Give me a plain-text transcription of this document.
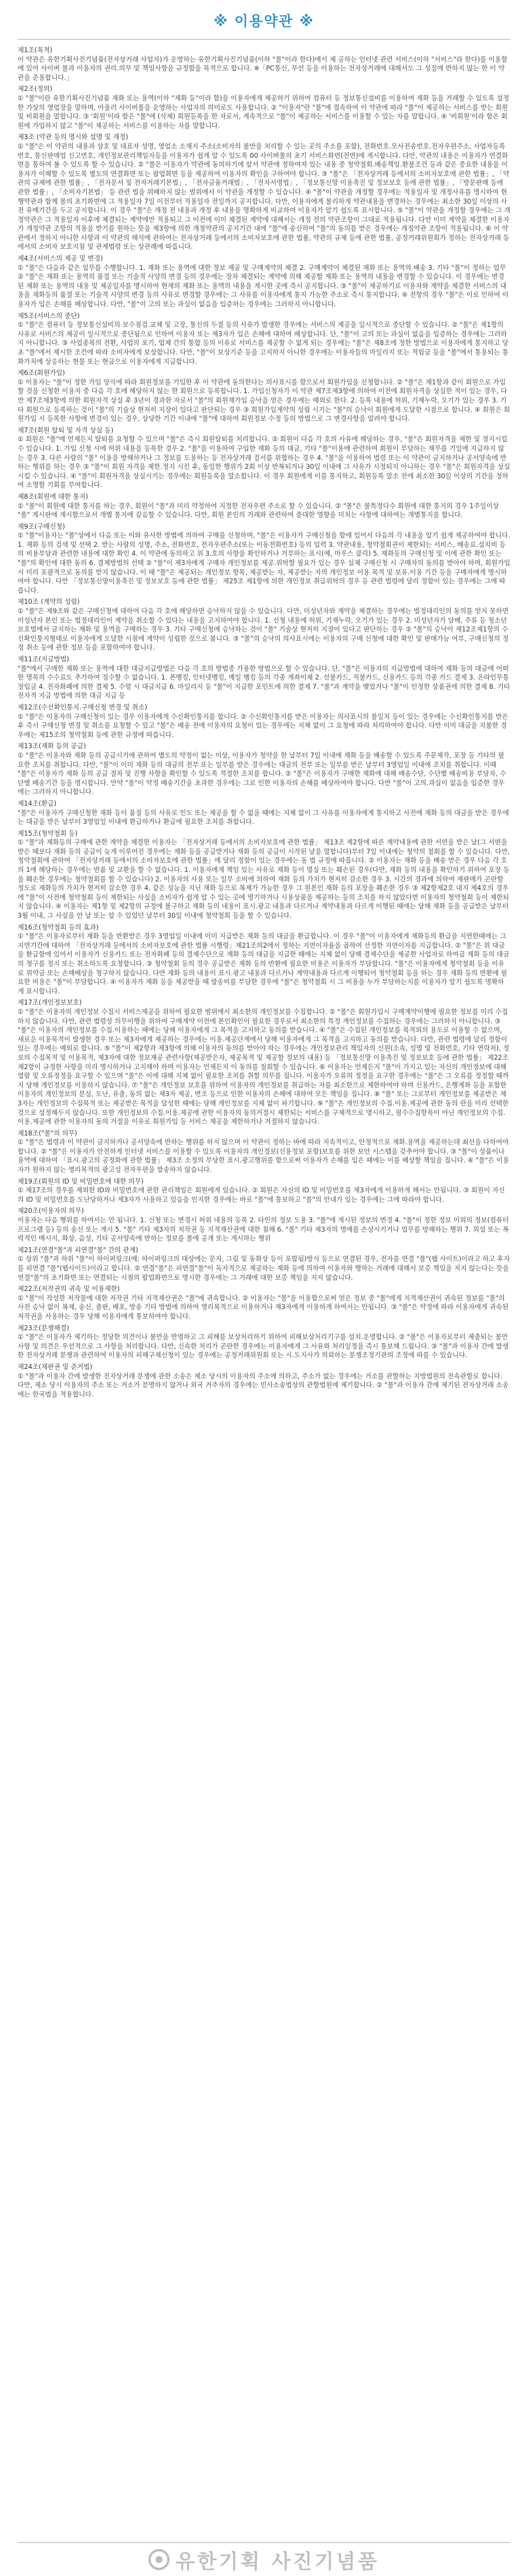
※ 이용약관 ※
제1조(목적)
이 약관은 유한기획사진기념품(전자상거래 사업자)가 운영하는 유한기획사진기념품(이하 "몰"이라 한다)에서 제 공하는 인터넷 관련 서비스(이하 "서비스"라 한다)를 이용함에 있어 사이버 몰과 이용자의 권리.의무 및 책임사항을 규정함을 목적으로 합니다. ※「PC통신, 무선 등을 이용하는 전자상거래에 대해서도 그 성질에 반하지 않는 한 이 약관을 준용합니다.」
제2조(정의)
① "몰"이란 유한기획사진기념품 재화 또는 용역(이하 "재화 등"이라 함)을 이용자에게 제공하기 위하여 컴퓨터 등 정보통신설비를 이용하여 재화 등을 거래할 수 있도록 설정한 가상의 영업장을 말하며, 아울러 사이버몰을 운영하는 사업자의 의미로도 사용합니다. ② "이용자"란 "몰"에 접속하여 이 약관에 따라 "몰"이 제공하는 서비스를 받는 회원 및 비회원을 말합니다. ③ '회원'이라 함은 "몰"에 (삭제) 회원등록을 한 자로서, 계속적으로 "몰"이 제공하는 서비스를 이용할 수 있는 자를 말합니다. ④ '비회원'이라 함은 회원에 가입하지 않고 "몰"이 제공하는 서비스를 이용하는 자를 말합니다.
제3조 (약관 등의 명시와 설명 및 개정)
① "몰"은 이 약관의 내용과 상호 및 대표자 성명, 영업소 소재지 주소(소비자의 불만을 처리할 수 있는 곳의 주소를 포함), 전화번호.모사전송번호.전자우편주소, 사업자등록번호, 통신판매업 신고번호, 개인정보관리책임자등을 이용자가 쉽게 알 수 있도록 00 사이버몰의 초기 서비스화면(전면)에 게시합니다. 다만, 약관의 내용은 이용자가 연결화면을 통하여 볼 수 있도록 할 수 있습니다. ② "몰은 이용자가 약관에 동의하기에 앞서 약관에 정하여져 있는 내용 중 청약철회.배송책임.환불조건 등과 같은 중요한 내용을 이용자가 이해할 수 있도록 별도의 연결화면 또는 팝업화면 등을 제공하여 이용자의 확인을 구하여야 합니다. ③ "몰"은 「전자상거래 등에서의 소비자보호에 관한 법률」, 「약관의 규제에 관한 법률」, 「전자문서 및 전자거래기본법」, 「전자금융거래법」, 「전자서명법」, 「정보통신망 이용촉진 및 정보보호 등에 관한 법률」, 「방문판매 등에 관한 법률」, 「소비자기본법」 등 관련 법을 위배하지 않는 범위에서 이 약관을 개정할 수 있습니다. ④ "몰"이 약관을 개정할 경우에는 적용일자 및 개정사유를 명시하여 현행약관과 함께 몰의 초기화면에 그 적용일자 7일 이전부터 적용일자 전일까지 공지합니다. 다만, 이용자에게 불리하게 약관내용을 변경하는 경우에는 최소한 30일 이상의 사전 유예기간을 두고 공지합니다. 이 경우 "몰"은 개정 전 내용과 개정 후 내용을 명확하게 비교하여 이용자가 알기 쉽도록 표시합니다. ⑤ "몰"이 약관을 개정할 경우에는 그 개정약관은 그 적용일자 이후에 체결되는 계약에만 적용되고 그 이전에 이미 체결된 계약에 대해서는 개정 전의 약관조항이 그대로 적용됩니다. 다만 이미 계약을 체결한 이용자가 개정약관 조항의 적용을 받기를 원하는 뜻을 제3항에 의한 개정약관의 공지기간 내에 "몰"에 송신하여 "몰"의 동의를 받은 경우에는 개정약관 조항이 적용됩니다. ⑥ 이 약관에서 정하지 아니한 사항과 이 약관의 해석에 관하여는 전자상거래 등에서의 소비자보호에 관한 법률, 약관의 규제 등에 관한 법률, 공정거래위원회가 정하는 전자상거래 등에서의 소비자 보호지침 및 관계법령 또는 상관례에 따릅니다.
제4조(서비스의 제공 및 변경)
① "몰"은 다음과 같은 업무를 수행합니다. 1. 재화 또는 용역에 대한 정보 제공 및 구매계약의 체결 2. 구매계약이 체결된 재화 또는 용역의 배송 3. 기타 "몰"이 정하는 업무 ② "몰"은 재화 또는 용역의 품절 또는 기술적 사양의 변경 등의 경우에는 장차 체결되는 계약에 의해 제공할 재화 또는 용역의 내용을 변경할 수 있습니다. 이 경우에는 변경된 재화 또는 용역의 내용 및 제공일자를 명시하여 현재의 재화 또는 용역의 내용을 게시한 곳에 즉시 공지합니다. ③ "몰"이 제공하기로 이용자와 계약을 체결한 서비스의 내용을 재화등의 품절 또는 기술적 사양의 변경 등의 사유로 변경할 경우에는 그 사유를 이용자에게 통지 가능한 주소로 즉시 통지합니다. ④ 전항의 경우 "몰"은 이로 인하여 이용자가 입은 손해를 배상합니다. 다만, "몰"이 고의 또는 과실이 없음을 입증하는 경우에는 그러하지 아니합니다.
제5조(서비스의 중단)
① "몰"은 컴퓨터 등 정보통신설비의 보수점검.교체 및 고장, 통신의 두절 등의 사유가 발생한 경우에는 서비스의 제공을 일시적으로 중단할 수 있습니다. ② "몰"은 제1항의 사유로 서비스의 제공이 일시적으로 중단됨으로 인하여 이용자 또는 제3자가 입은 손해에 대하여 배상합니다. 단, "몰"이 고의 또는 과실이 없음을 입증하는 경우에는 그러하지 아니합니다. ③ 사업종목의 전환, 사업의 포기, 업체 간의 통합 등의 이유로 서비스를 제공할 수 없게 되는 경우에는 "몰"은 제8조에 정한 방법으로 이용자에게 통지하고 당초 "몰"에서 제시한 조건에 따라 소비자에게 보상합니다. 다만, "몰"이 보상기준 등을 고지하지 아니한 경우에는 이용자들의 마일리지 또는 적립금 등을 "몰"에서 통용되는 통화가치에 상응하는 현물 또는 현금으로 이용자에게 지급합니다.
제6조(회원가입)
① 이용자는 "몰"이 정한 가입 양식에 따라 회원정보를 기입한 후 이 약관에 동의한다는 의사표시를 함으로서 회원가입을 신청합니다. ② "몰"은 제1항과 같이 회원으로 가입할 것을 신청한 이용자 중 다음 각 호에 해당하지 않는 한 회원으로 등록합니다. 1. 가입신청자가 이 약관 제7조제3항에 의하여 이전에 회원자격을 상실한 적이 있는 경우, 다만 제7조제3항에 의한 회원자격 상실 후 3년이 경과한 자로서 "몰"의 회원재가입 승낙을 얻은 경우에는 예외로 한다. 2. 등록 내용에 허위, 기재누락, 오기가 있는 경우 3. 기타 회원으로 등록하는 것이 "몰"의 기술상 현저히 지장이 있다고 판단되는 경우 ③ 회원가입계약의 성립 시기는 "몰"의 승낙이 회원에게 도달한 시점으로 합니다. ④ 회원은 회원가입 시 등록한 사항에 변경이 있는 경우, 상당한 기간 이내에 "몰"에 대하여 회원정보 수정 등의 방법으로 그 변경사항을 알려야 합니다.
제7조(회원 탈퇴 및 자격 상실 등)
① 회원은 "몰"에 언제든지 탈퇴를 요청할 수 있으며 "몰"은 즉시 회원탈퇴를 처리합니다. ② 회원이 다음 각 호의 사유에 해당하는 경우, "몰"은 회원자격을 제한 및 정지시킬 수 있습니다. 1. 가입 신청 시에 허위 내용을 등록한 경우 2. "몰"을 이용하여 구입한 재화 등의 대금, 기타 "몰"이용에 관련하여 회원이 부담하는 채무를 기일에 지급하지 않는 경우 3. 다른 사람의 "몰" 이용을 방해하거나 그 정보를 도용하는 등 전자상거래 질서를 위협하는 경우 4. "몰"을 이용하여 법령 또는 이 약관이 금지하거나 공서양속에 반하는 행위를 하는 경우 ③ "몰"이 회원 자격을 제한.정지 시킨 후, 동일한 행위가 2회 이상 반복되거나 30일 이내에 그 사유가 시정되지 아니하는 경우 "몰"은 회원자격을 상실시킬 수 있습니다. ④ "몰"이 회원자격을 상실시키는 경우에는 회원등록을 말소합니다. 이 경우 회원에게 이를 통지하고, 회원등록 말소 전에 최소한 30일 이상의 기간을 정하여 소명할 기회를 부여합니다.
제8조(회원에 대한 통지)
① "몰"이 회원에 대한 통지를 하는 경우, 회원이 "몰"과 미리 약정하여 지정한 전자우편 주소로 할 수 있습니다. ② "몰"은 불특정다수 회원에 대한 통지의 경우 1주일이상 "몰" 게시판에 게시함으로서 개별 통지에 갈음할 수 있습니다. 다만, 회원 본인의 거래와 관련하여 중대한 영향을 미치는 사항에 대하여는 개별통지를 합니다.
제9조(구매신청)
① "몰"이용자는 "몰"상에서 다음 또는 이와 유사한 방법에 의하여 구매를 신청하며, "몰"은 이용자가 구매신청을 함에 있어서 다음의 각 내용을 알기 쉽게 제공하여야 합니다. 1. 재화 등의 검색 및 선택 2. 받는 사람의 성명, 주소, 전화번호, 전자우편주소(또는 이동전화번호) 등의 입력 3. 약관내용, 청약철회권이 제한되는 서비스, 배송료.설치비 등의 비용부담과 관련한 내용에 대한 확인 4. 이 약관에 동의하고 위 3.호의 사항을 확인하거나 거부하는 표시(예, 마우스 클릭) 5. 재화등의 구매신청 및 이에 관한 확인 또는 "몰"의 확인에 대한 동의 6. 결제방법의 선택 ② "몰"이 제3자에게 구매자 개인정보를 제공.위탁할 필요가 있는 경우 실제 구매신청 시 구매자의 동의를 받아야 하며, 회원가입 시 미리 포괄적으로 동의를 받지 않습니다. 이 때 "몰"은 제공되는 개인정보 항목, 제공받는 자, 제공받는 자의 개인정보 이용 목적 및 보유.이용 기간 등을 구매자에게 명시하여야 합니다. 다만 「정보통신망이용촉진 및 정보보호 등에 관한 법률」 제25조 제1항에 의한 개인정보 취급위탁의 경우 등 관련 법령에 달리 정함이 있는 경우에는 그에 따릅니다.
제10조 (계약의 성립)
① "몰"은 제9조와 같은 구매신청에 대하여 다음 각 호에 해당하면 승낙하지 않을 수 있습니다. 다만, 미성년자와 계약을 체결하는 경우에는 법정대리인의 동의를 얻지 못하면 미성년자 본인 또는 법정대리인이 계약을 취소할 수 있다는 내용을 고지하여야 합니다. 1. 신청 내용에 허위, 기재누락, 오기가 있는 경우 2. 미성년자가 담배, 주류 등 청소년보호법에서 금지하는 재화 및 용역을 구매하는 경우 3. 기타 구매신청에 승낙하는 것이 "몰" 기술상 현저히 지장이 있다고 판단하는 경우 ② "몰"의 승낙이 제12조제1항의 수신확인통지형태로 이용자에게 도달한 시점에 계약이 성립한 것으로 봅니다. ③ "몰"의 승낙의 의사표시에는 이용자의 구매 신청에 대한 확인 및 판매가능 여부, 구매신청의 정정 취소 등에 관한 정보 등을 포함하여야 합니다.
제11조(지급방법)
"몰"에서 구매한 재화 또는 용역에 대한 대금지급방법은 다음 각 호의 방법중 가용한 방법으로 할 수 있습니다. 단, "몰"은 이용자의 지급방법에 대하여 재화 등의 대금에 어떠한 명목의 수수료도 추가하여 징수할 수 없습니다. 1. 폰뱅킹, 인터넷뱅킹, 메일 뱅킹 등의 각종 계좌이체 2. 선불카드, 직불카드, 신용카드 등의 각종 카드 결제 3. 온라인무통장입금 4. 전자화폐에 의한 결제 5. 수령 시 대금지급 6. 마일리지 등 "몰"이 지급한 포인트에 의한 결제 7. "몰"과 계약을 맺었거나 "몰"이 인정한 상품권에 의한 결제 8. 기타 전자적 지급 방법에 의한 대금 지급 등
제12조(수신확인통지.구매신청 변경 및 취소)
① "몰"은 이용자의 구매신청이 있는 경우 이용자에게 수신확인통지를 합니다. ② 수신확인통지를 받은 이용자는 의사표시의 불일치 등이 있는 경우에는 수신확인통지를 받은 후 즉시 구매신청 변경 및 취소를 요청할 수 있고 "몰"은 배송 전에 이용자의 요청이 있는 경우에는 지체 없이 그 요청에 따라 처리하여야 합니다. 다만 이미 대금을 지불한 경우에는 제15조의 청약철회 등에 관한 규정에 따릅니다.
제13조(재화 등의 공급)
① "몰"은 이용자와 재화 등의 공급시기에 관하여 별도의 약정이 없는 이상, 이용자가 청약을 한 날부터 7일 이내에 재화 등을 배송할 수 있도록 주문제작, 포장 등 기타의 필요한 조치를 취합니다. 다만, "몰"이 이미 재화 등의 대금의 전부 또는 일부를 받은 경우에는 대금의 전부 또는 일부를 받은 날부터 3영업일 이내에 조치를 취합니다. 이때 "몰"은 이용자가 재화 등의 공급 절차 및 진행 사항을 확인할 수 있도록 적절한 조치를 합니다. ② "몰"은 이용자가 구매한 재화에 대해 배송수단, 수단별 배송비용 부담자, 수단별 배송기간 등을 명시합니다. 만약 "몰"이 약정 배송기간을 초과한 경우에는 그로 인한 이용자의 손해를 배상하여야 합니다. 다만 "몰"이 고의.과실이 없음을 입증한 경우에는 그러하지 아니합니다.
제14조(환급)
"몰"은 이용자가 구매신청한 재화 등이 품절 등의 사유로 인도 또는 제공을 할 수 없을 때에는 지체 없이 그 사유를 이용자에게 통지하고 사전에 재화 등의 대금을 받은 경우에는 대금을 받은 날부터 3영업일 이내에 환급하거나 환급에 필요한 조치를 취합니다.
제15조(청약철회 등)
① "몰"과 재화등의 구매에 관한 계약을 체결한 이용자는 「전자상거래 등에서의 소비자보호에 관한 법률」 제13조 제2항에 따른 계약내용에 관한 서면을 받은 날(그 서면을 받은 때보다 재화 등의 공급이 늦게 이루어진 경우에는 재화 등을 공급받거나 재화 등의 공급이 시작된 날을 말합니다)부터 7일 이내에는 청약의 철회를 할 수 있습니다. 다만, 청약철회에 관하여 「전자상거래 등에서의 소비자보호에 관한 법률」에 달리 정함이 있는 경우에는 동 법 규정에 따릅니다. ② 이용자는 재화 등을 배송 받은 경우 다음 각 호의 1에 해당하는 경우에는 반품 및 교환을 할 수 없습니다. 1. 이용자에게 책임 있는 사유로 재화 등이 멸실 또는 훼손된 경우(다만, 재화 등의 내용을 확인하기 위하여 포장 등을 훼손한 경우에는 청약철회를 할 수 있습니다) 2. 이용자의 사용 또는 일부 소비에 의하여 재화 등의 가치가 현저히 감소한 경우 3. 시간의 경과에 의하여 재판매가 곤란할 정도로 재화등의 가치가 현저히 감소한 경우 4. 같은 성능을 지닌 재화 등으로 복제가 가능한 경우 그 원본인 재화 등의 포장을 훼손한 경우 ③ 제2항제2호 내지 제4호의 경우에 "몰"이 사전에 청약철회 등이 제한되는 사실을 소비자가 쉽게 알 수 있는 곳에 명기하거나 시용상품을 제공하는 등의 조치를 하지 않았다면 이용자의 청약철회 등이 제한되지 않습니다. ④ 이용자는 제1항 및 제2항의 규정에 불구하고 재화 등의 내용이 표시.광고 내용과 다르거나 계약내용과 다르게 이행된 때에는 당해 재화 등을 공급받은 날부터 3월 이내, 그 사실을 안 날 또는 알 수 있었던 날부터 30일 이내에 청약철회 등을 할 수 있습니다.
제16조(청약철회 등의 효과)
① "몰"은 이용자로부터 재화 등을 반환받은 경우 3영업일 이내에 이미 지급받은 재화 등의 대금을 환급합니다. 이 경우 "몰"이 이용자에게 재화등의 환급을 지연한때에는 그 지연기간에 대하여 「전자상거래 등에서의 소비자보호에 관한 법률 시행령」제21조의2에서 정하는 지연이자율을 곱하여 산정한 지연이자를 지급합니다. ② "몰"은 위 대금을 환급함에 있어서 이용자가 신용카드 또는 전자화폐 등의 결제수단으로 재화 등의 대금을 지급한 때에는 지체 없이 당해 결제수단을 제공한 사업자로 하여금 재화 등의 대금의 청구를 정지 또는 취소하도록 요청합니다. ③ 청약철회 등의 경우 공급받은 재화 등의 반환에 필요한 비용은 이용자가 부담합니다. "몰"은 이용자에게 청약철회 등을 이유로 위약금 또는 손해배상을 청구하지 않습니다. 다만 재화 등의 내용이 표시.광고 내용과 다르거나 계약내용과 다르게 이행되어 청약철회 등을 하는 경우 재화 등의 반환에 필요한 비용은 "몰"이 부담합니다. ④ 이용자가 재화 등을 제공받을 때 발송비를 부담한 경우에 "몰"은 청약철회 시 그 비용을 누가 부담하는지를 이용자가 알기 쉽도록 명확하게 표시합니다.
제17조(개인정보보호)
① "몰"은 이용자의 개인정보 수집시 서비스제공을 위하여 필요한 범위에서 최소한의 개인정보를 수집합니다. ② "몰"은 회원가입시 구매계약이행에 필요한 정보를 미리 수집하지 않습니다. 다만, 관련 법령상 의무이행을 위하여 구매계약 이전에 본인확인이 필요한 경우로서 최소한의 특정 개인정보를 수집하는 경우에는 그러하지 아니합니다. ③ "몰"은 이용자의 개인정보를 수집.이용하는 때에는 당해 이용자에게 그 목적을 고지하고 동의를 받습니다. ④ "몰"은 수집된 개인정보를 목적외의 용도로 이용할 수 없으며, 새로운 이용목적이 발생한 경우 또는 제3자에게 제공하는 경우에는 이용.제공단계에서 당해 이용자에게 그 목적을 고지하고 동의를 받습니다. 다만, 관련 법령에 달리 정함이 있는 경우에는 예외로 합니다. ⑤ "몰"이 제2항과 제3항에 의해 이용자의 동의를 받아야 하는 경우에는 개인정보관리 책임자의 신원(소속, 성명 및 전화번호, 기타 연락처), 정보의 수집목적 및 이용목적, 제3자에 대한 정보제공 관련사항(제공받은자, 제공목적 및 제공할 정보의 내용) 등 「정보통신망 이용촉진 및 정보보호 등에 관한 법률」 제22조제2항이 규정한 사항을 미리 명시하거나 고지해야 하며 이용자는 언제든지 이 동의를 철회할 수 있습니다. ⑥ 이용자는 언제든지 "몰"이 가지고 있는 자신의 개인정보에 대해 열람 및 오류정정을 요구할 수 있으며 "몰"은 이에 대해 지체 없이 필요한 조치를 취할 의무를 집니다. 이용자가 오류의 정정을 요구한 경우에는 "몰"은 그 오류를 정정할 때까지 당해 개인정보를 이용하지 않습니다. ⑦ "몰"은 개인정보 보호를 위하여 이용자의 개인정보를 취급하는 자를 최소한으로 제한하여야 하며 신용카드, 은행계좌 등을 포함한 이용자의 개인정보의 분실, 도난, 유출, 동의 없는 제3자 제공, 변조 등으로 인한 이용자의 손해에 대하여 모든 책임을 집니다. ⑧ "몰" 또는 그로부터 개인정보를 제공받은 제3자는 개인정보의 수집목적 또는 제공받은 목적을 달성한 때에는 당해 개인정보를 지체 없이 파기합니다. ⑨ "몰"은 개인정보의 수집.이용.제공에 관한 동의 란을 미리 선택한 것으로 설정해두지 않습니다. 또한 개인정보의 수집.이용.제공에 관한 이용자의 동의거절시 제한되는 서비스를 구체적으로 명시하고, 필수수집항목이 아닌 개인정보의 수집.이용.제공에 관한 이용자의 동의 거절을 이유로 회원가입 등 서비스 제공을 제한하거나 거절하지 않습니다.
제18조("몰"의 의무)
① "몰"은 법령과 이 약관이 금지하거나 공서양속에 반하는 행위를 하지 않으며 이 약관이 정하는 바에 따라 지속적이고, 안정적으로 재화.용역을 제공하는데 최선을 다하여야 합니다. ② "몰"은 이용자가 안전하게 인터넷 서비스를 이용할 수 있도록 이용자의 개인정보(신용정보 포함)보호를 위한 보안 시스템을 갖추어야 합니다. ③ "몰"이 상품이나 용역에 대하여 「표시.광고의 공정화에 관한 법률」 제3조 소정의 부당한 표시.광고행위를 함으로써 이용자가 손해를 입은 때에는 이를 배상할 책임을 집니다. ④ "몰"은 이용자가 원하지 않는 영리목적의 광고성 전자우편을 발송하지 않습니다.
제19조(회원의 ID 및 비밀번호에 대한 의무)
① 제17조의 경우를 제외한 ID와 비밀번호에 관한 관리책임은 회원에게 있습니다. ② 회원은 자신의 ID 및 비밀번호를 제3자에게 이용하게 해서는 안됩니다. ③ 회원이 자신의 ID 및 비밀번호를 도난당하거나 제3자가 사용하고 있음을 인지한 경우에는 바로 "몰"에 통보하고 "몰"의 안내가 있는 경우에는 그에 따라야 합니다.
제20조(이용자의 의무)
이용자는 다음 행위를 하여서는 안 됩니다. 1. 신청 또는 변경시 허위 내용의 등록 2. 타인의 정보 도용 3. "몰"에 게시된 정보의 변경 4. "몰"이 정한 정보 이외의 정보(컴퓨터 프로그램 등) 등의 송신 또는 게시 5. "몰" 기타 제3자의 저작권 등 지적재산권에 대한 침해 6. "몰" 기타 제3자의 명예를 손상시키거나 업무를 방해하는 행위 7. 외설 또는 폭력적인 메시지, 화상, 음성, 기타 공서양속에 반하는 정보를 몰에 공개 또는 게시하는 행위
제21조(연결"몰"과 피연결"몰" 간의 관계)
① 상위 "몰"과 하위 "몰"이 하이퍼링크(예: 하이퍼링크의 대상에는 문자, 그림 및 동화상 등이 포함됨)방식 등으로 연결된 경우, 전자를 연결 "몰"(웹 사이트)이라고 하고 후자를 피연결 "몰"(웹사이트)이라고 합니다. ② 연결"몰"은 피연결"몰"이 독자적으로 제공하는 재화 등에 의하여 이용자와 행하는 거래에 대해서 보증 책임을 지지 않는다는 뜻을 연결"몰"의 초기화면 또는 연결되는 시점의 팝업화면으로 명시한 경우에는 그 거래에 대한 보증 책임을 지지 않습니다.
제22조(저작권의 귀속 및 이용제한)
① "몰"이 작성한 저작물에 대한 저작권 기타 지적재산권은 "몰"에 귀속합니다. ② 이용자는 "몰"을 이용함으로써 얻은 정보 중 "몰"에게 지적재산권이 귀속된 정보를 "몰"의 사전 승낙 없이 복제, 송신, 출판, 배포, 방송 기타 방법에 의하여 영리목적으로 이용하거나 제3자에게 이용하게 하여서는 안됩니다. ③ "몰"은 약정에 따라 이용자에게 귀속된 저작권을 사용하는 경우 당해 이용자에게 통보하여야 합니다.
제23조(분쟁해결)
① "몰"은 이용자가 제기하는 정당한 의견이나 불만을 반영하고 그 피해를 보상처리하기 위하여 피해보상처리기구를 설치.운영합니다. ② "몰"은 이용자로부터 제출되는 불만사항 및 의견은 우선적으로 그 사항을 처리합니다. 다만, 신속한 처리가 곤란한 경우에는 이용자에게 그 사유와 처리일정을 즉시 통보해 드립니다. ③ "몰"과 이용자 간에 발생한 전자상거래 분쟁과 관련하여 이용자의 피해구제신청이 있는 경우에는 공정거래위원회 또는 시.도지사가 의뢰하는 분쟁조정기관의 조정에 따를 수 있습니다.
제24조(재판권 및 준거법)
① "몰"과 이용자 간에 발생한 전자상거래 분쟁에 관한 소송은 제소 당시의 이용자의 주소에 의하고, 주소가 없는 경우에는 거소를 관할하는 지방법원의 전속관할로 합니다. 다만, 제소 당시 이용자의 주소 또는 거소가 분명하지 않거나 외국 거주자의 경우에는 민사소송법상의 관할법원에 제기합니다. ② "몰"과 이용자 간에 제기된 전자상거래 소송에는 한국법을 적용합니다.
유한기획 사진기념품
